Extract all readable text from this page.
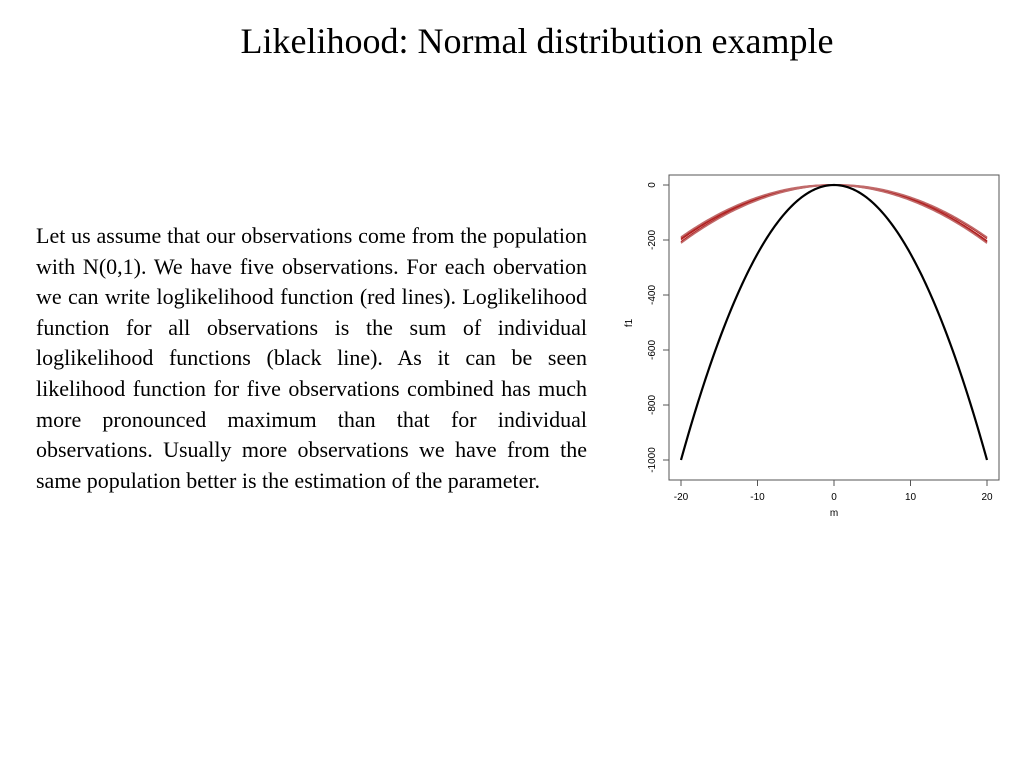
Likelihood: Normal distribution example

Let us assume that our observations come from the population with N(0,1). We have five observations. For each obervation we can write loglikelihood function (red lines). Loglikelihood function for all observations is the sum of individual loglikelihood functions (black line). As it can be seen likelihood function for five observations combined has much more pronounced maximum than that for individual observations. Usually more observations we have from the same population better is the estimation of the parameter.

-20	-10	0	10	20
0
-200
-400
-600
-800
-1000
m
f1
